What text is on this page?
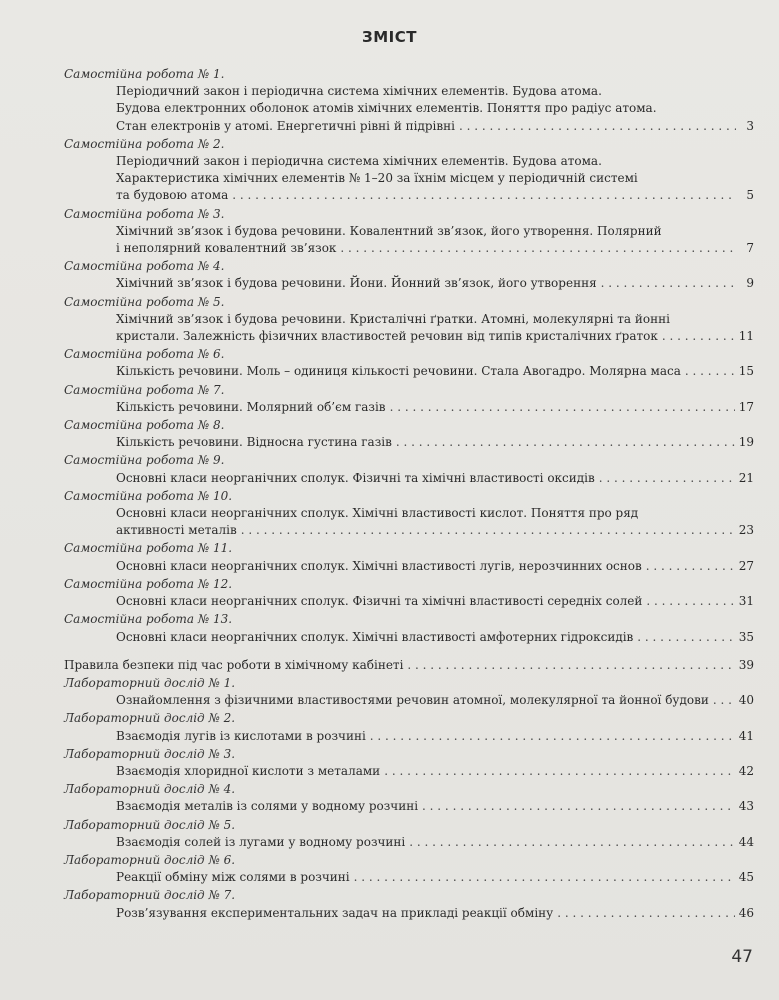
ЗМІСТ
Самостійна робота № 1.
Періодичний закон і періодична система хімічних елементів. Будова атома.
Будова електронних оболонок атомів хімічних елементів. Поняття про радіус атома.
Стан електронів у атомі. Енергетичні рівні й підрівні . . .	3
Самостійна робота № 2.
Періодичний закон і періодична система хімічних елементів. Будова атома.
Характеристика хімічних елементів № 1–20 за їхнім місцем у періодичній системі
та будовою атома . . .	5
Самостійна робота № 3.
Хімічний зв’язок і будова речовини. Ковалентний зв’язок, його утворення. Полярний
і неполярний ковалентний зв’язок . . .	7
Самостійна робота № 4.
Хімічний зв’язок і будова речовини. Йони. Йонний зв’язок, його утворення . . .	9
Самостійна робота № 5.
Хімічний зв’язок і будова речовини. Кристалічні ґратки. Атомні, молекулярні та йонні
кристали. Залежність фізичних властивостей речовин від типів кристалічних ґраток . . .	11
Самостійна робота № 6.
Кількість речовини. Моль – одиниця кількості речовини. Стала Авогадро. Молярна маса . . .	15
Самостійна робота № 7.
Кількість речовини. Молярний об’єм газів . . .	17
Самостійна робота № 8.
Кількість речовини. Відносна густина газів . . .	19
Самостійна робота № 9.
Основні класи неорганічних сполук. Фізичні та хімічні властивості оксидів . . .	21
Самостійна робота № 10.
Основні класи неорганічних сполук. Хімічні властивості кислот. Поняття про ряд
активності металів . . .	23
Самостійна робота № 11.
Основні класи неорганічних сполук. Хімічні властивості лугів, нерозчинних основ . . .	27
Самостійна робота № 12.
Основні класи неорганічних сполук. Фізичні та хімічні властивості середніх солей . . .	31
Самостійна робота № 13.
Основні класи неорганічних сполук. Хімічні властивості амфотерних гідроксидів . . .	35
Правила безпеки під час роботи в хімічному кабінеті . . .	39
Лабораторний дослід № 1.
Ознайомлення з фізичними властивостями речовин атомної, молекулярної та йонної будови . . . 40
Лабораторний дослід № 2.
Взаємодія лугів із кислотами в розчині . . .	41
Лабораторний дослід № 3.
Взаємодія хлоридної кислоти з металами . . .	42
Лабораторний дослід № 4.
Взаємодія металів із солями у водному розчині . . .	43
Лабораторний дослід № 5.
Взаємодія солей із лугами у водному розчині . . .	44
Лабораторний дослід № 6.
Реакції обміну між солями в розчині . . .	45
Лабораторний дослід № 7.
Розв’язування експериментальних задач на прикладі реакції обміну . . .	46
47
